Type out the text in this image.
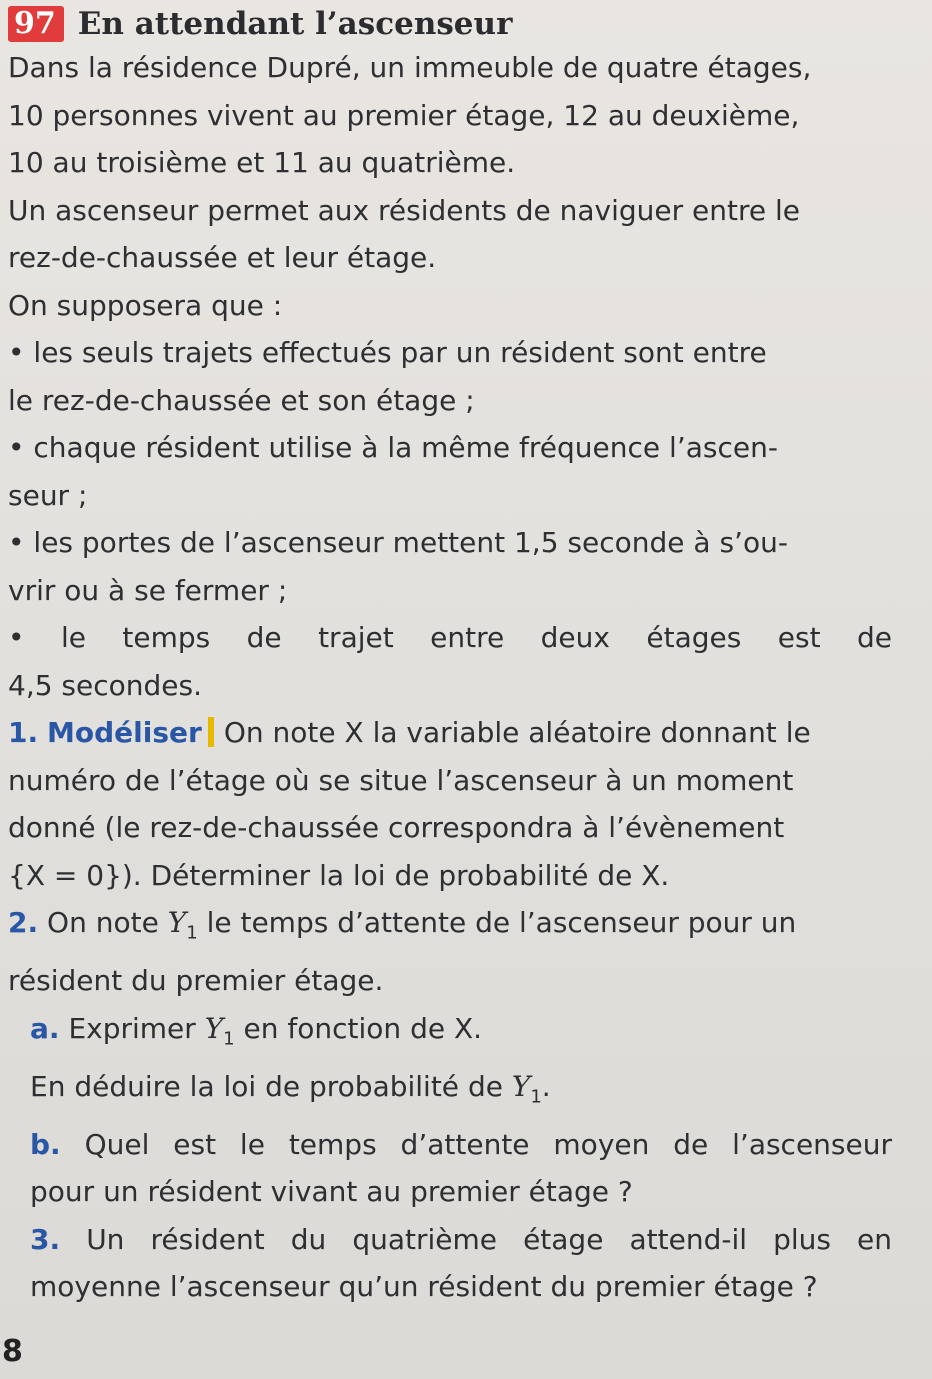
97 En attendant l’ascenseur

Dans la résidence Dupré, un immeuble de quatre étages,

10 personnes vivent au premier étage, 12 au deuxième,

10 au troisième et 11 au quatrième.

Un ascenseur permet aux résidents de naviguer entre le

rez-de-chaussée et leur étage.

On supposera que :

• les seuls trajets effectués par un résident sont entre

le rez-de-chaussée et son étage ;

• chaque résident utilise à la même fréquence l’ascen-

seur ;

• les portes de l’ascenseur mettent 1,5 seconde à s’ou-

vrir ou à se fermer ;

• le temps de trajet entre deux étages est de

4,5 secondes.

1. Modéliser On note X la variable aléatoire donnant le

numéro de l’étage où se situe l’ascenseur à un moment

donné (le rez-de-chaussée correspondra à l’évènement

{X = 0}). Déterminer la loi de probabilité de X.

2. On note $Y_1$ le temps d’attente de l’ascenseur pour un

résident du premier étage.

a. Exprimer $Y_1$ en fonction de X.

En déduire la loi de probabilité de $Y_1$.

b. Quel est le temps d’attente moyen de l’ascenseur

pour un résident vivant au premier étage ?

3. Un résident du quatrième étage attend-il plus en

moyenne l’ascenseur qu’un résident du premier étage ?

8
